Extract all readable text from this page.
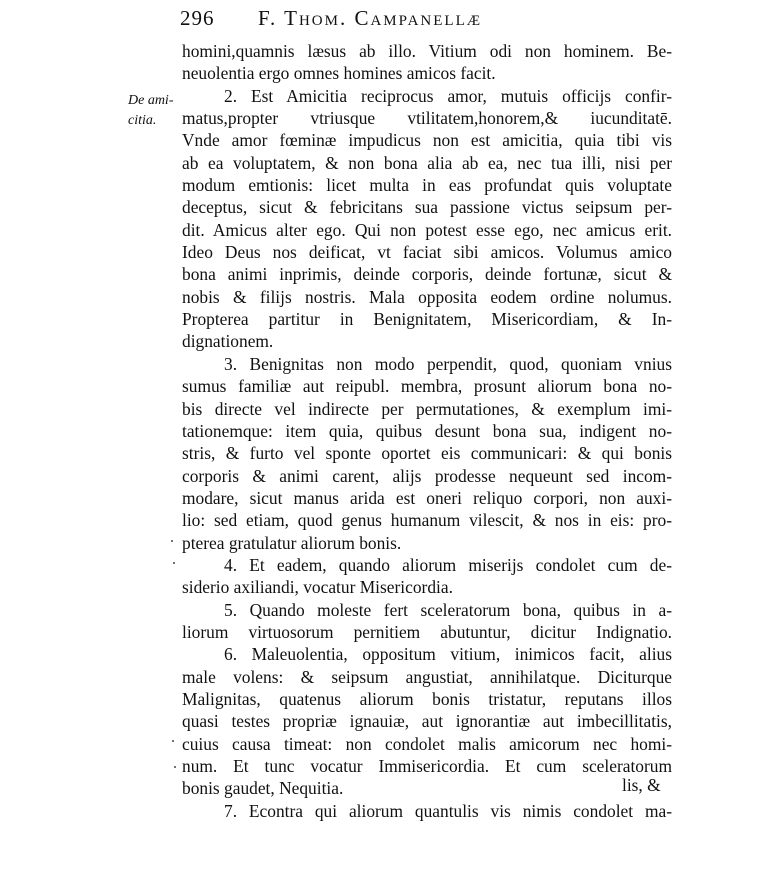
296 F. Thom. Campanellæ
De ami-
citia.
homini,quamnis læsus ab illo. Vitium odi non hominem. Be-
neuolentia ergo omnes homines amicos facit.
2. Est Amicitia reciprocus amor, mutuis officijs confir-
matus,propter vtriusque vtilitatem,honorem,& iucunditatē.
Vnde amor fœminæ impudicus non est amicitia, quia tibi vis
ab ea voluptatem, & non bona alia ab ea, nec tua illi, nisi per
modum emtionis: licet multa in eas profundat quis voluptate
deceptus, sicut & febricitans sua passione victus seipsum per-
dit. Amicus alter ego. Qui non potest esse ego, nec amicus erit.
Ideo Deus nos deificat, vt faciat sibi amicos. Volumus amico
bona animi inprimis, deinde corporis, deinde fortunæ, sicut &
nobis & filijs nostris. Mala opposita eodem ordine nolumus.
Propterea partitur in Benignitatem, Misericordiam, & In-
dignationem.
3. Benignitas non modo perpendit, quod, quoniam vnius
sumus familiæ aut reipubl. membra, prosunt aliorum bona no-
bis directe vel indirecte per permutationes, & exemplum imi-
tationemque: item quia, quibus desunt bona sua, indigent no-
stris, & furto vel sponte oportet eis communicari: & qui bonis
corporis & animi carent, alijs prodesse nequeunt sed incom-
modare, sicut manus arida est oneri reliquo corpori, non auxi-
lio: sed etiam, quod genus humanum vilescit, & nos in eis: pro-
pterea gratulatur aliorum bonis.
4. Et eadem, quando aliorum miserijs condolet cum de-
siderio axiliandi, vocatur Misericordia.
5. Quando moleste fert sceleratorum bona, quibus in a-
liorum virtuosorum pernitiem abutuntur, dicitur Indignatio.
6. Maleuolentia, oppositum vitium, inimicos facit, alius
male volens: & seipsum angustiat, annihilatque. Diciturque
Malignitas, quatenus aliorum bonis tristatur, reputans illos
quasi testes propriæ ignauiæ, aut ignorantiæ aut imbecillitatis,
cuius causa timeat: non condolet malis amicorum nec homi-
num. Et tunc vocatur Immisericordia. Et cum sceleratorum
bonis gaudet, Nequitia.
7. Econtra qui aliorum quantulis vis nimis condolet ma-
lis, &
